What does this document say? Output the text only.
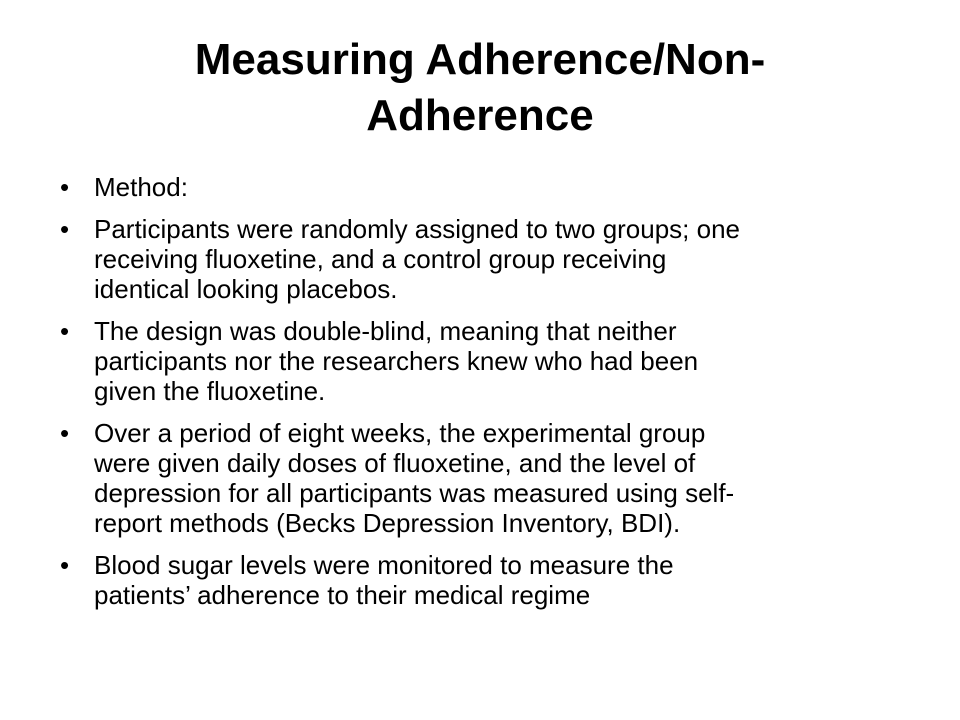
Measuring Adherence/Non-
Adherence
• Method:
• Participants were randomly assigned to two groups; one
receiving fluoxetine, and a control group receiving
identical looking placebos.
• The design was double-blind, meaning that neither
participants nor the researchers knew who had been
given the fluoxetine.
• Over a period of eight weeks, the experimental group
were given daily doses of fluoxetine, and the level of
depression for all participants was measured using self-
report methods (Becks Depression Inventory, BDI).
• Blood sugar levels were monitored to measure the
patients’ adherence to their medical regime
